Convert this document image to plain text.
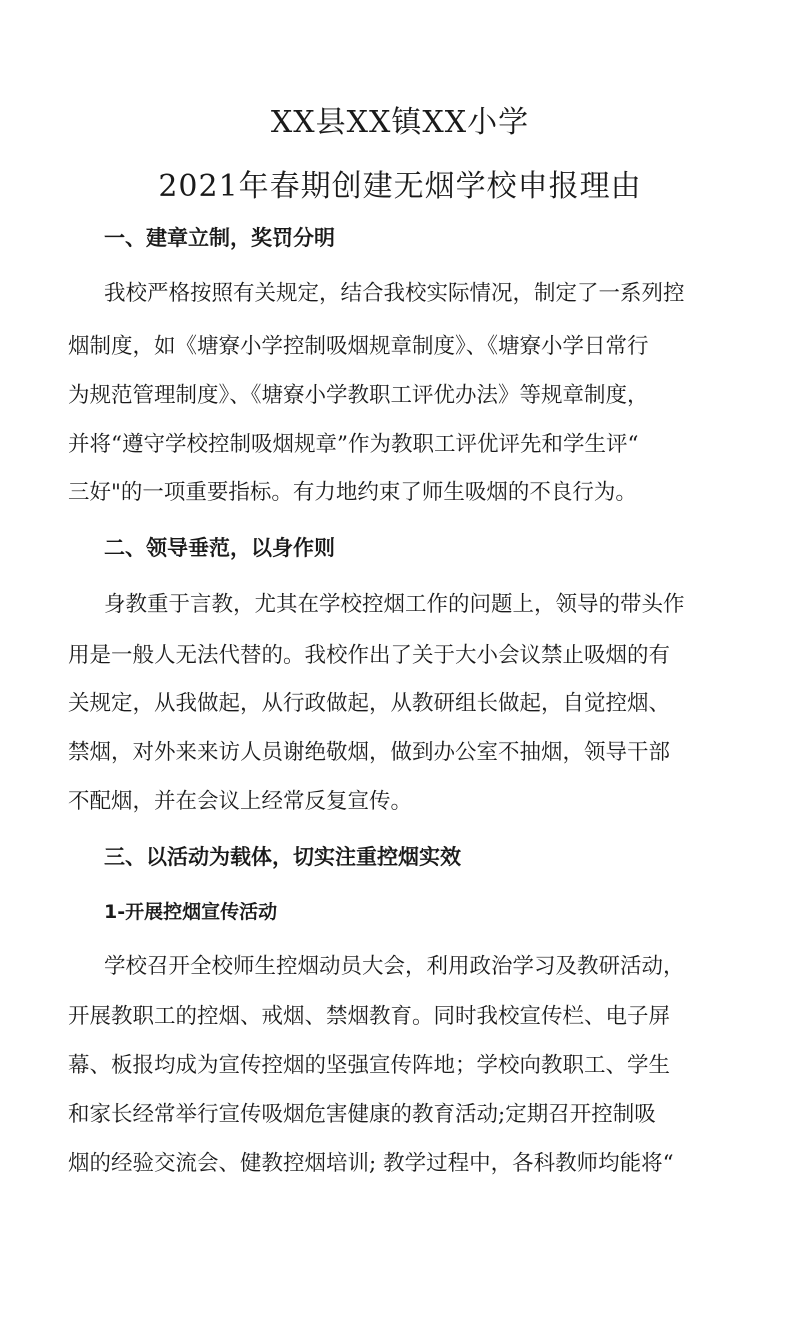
XX县XX镇XX小学
2021年春期创建无烟学校申报理由
一、建章立制，奖罚分明
我校严格按照有关规定，结合我校实际情况，制定了一系列控
烟制度，如《塘寮小学控制吸烟规章制度》、《塘寮小学日常行
为规范管理制度》、《塘寮小学教职工评优办法》等规章制度，
并将“遵守学校控制吸烟规章”作为教职工评优评先和学生评“
三好"的一项重要指标。有力地约束了师生吸烟的不良行为。
二、领导垂范，以身作则
身教重于言教，尤其在学校控烟工作的问题上，领导的带头作
用是一般人无法代替的。我校作出了关于大小会议禁止吸烟的有
关规定，从我做起，从行政做起，从教研组长做起，自觉控烟、
禁烟，对外来来访人员谢绝敬烟，做到办公室不抽烟，领导干部
不配烟，并在会议上经常反复宣传。
三、以活动为载体，切实注重控烟实效
1-开展控烟宣传活动
学校召开全校师生控烟动员大会，利用政治学习及教研活动，
开展教职工的控烟、戒烟、禁烟教育。同时我校宣传栏、电子屏
幕、板报均成为宣传控烟的坚强宣传阵地；学校向教职工、学生
和家长经常举行宣传吸烟危害健康的教育活动;定期召开控制吸
烟的经验交流会、健教控烟培训; 教学过程中，各科教师均能将“
